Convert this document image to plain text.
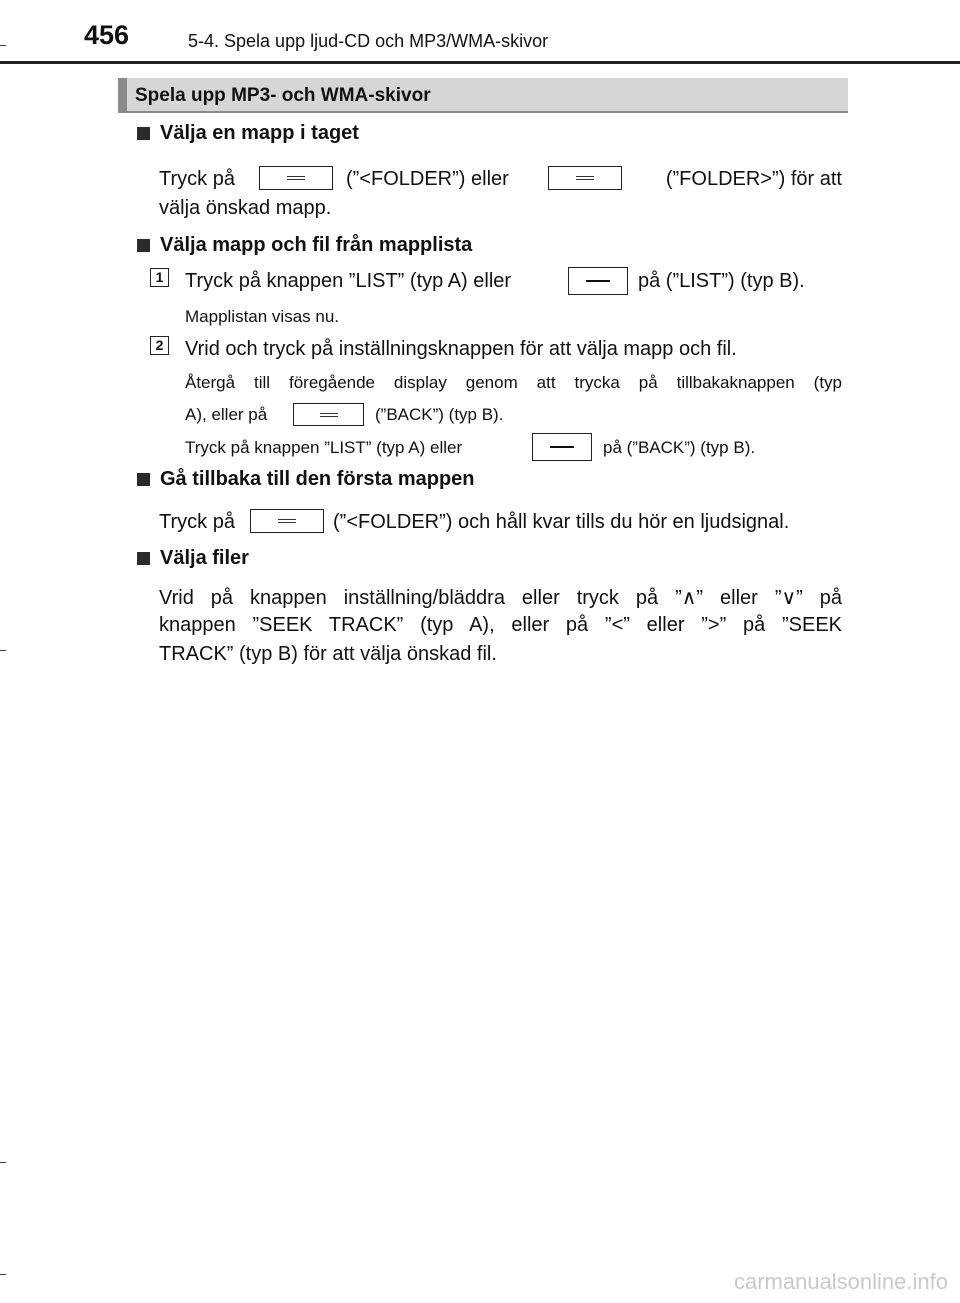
456	5-4. Spela upp ljud-CD och MP3/WMA-skivor
Spela upp MP3- och WMA-skivor
Välja en mapp i taget
Tryck på	(”<FOLDER”) eller	(”FOLDER>”) för att
välja önskad mapp.
Välja mapp och fil från mapplista
1 Tryck på knappen ”LIST” (typ A) eller	på (”LIST”) (typ B).
Mapplistan visas nu.
2 Vrid och tryck på inställningsknappen för att välja mapp och fil.
Återgå till föregående display genom att trycka på tillbakaknappen (typ
A), eller på	(”BACK”) (typ B).
Tryck på knappen ”LIST” (typ A) eller	på (”BACK”) (typ B).
Gå tillbaka till den första mappen
Tryck på	(”<FOLDER”) och håll kvar tills du hör en ljudsignal.
Välja filer
Vrid på knappen inställning/bläddra eller tryck på ”∧” eller ”∨” på
knappen ”SEEK TRACK” (typ A), eller på ”<” eller ”>” på ”SEEK
TRACK” (typ B) för att välja önskad fil.
carmanualsonline.info
